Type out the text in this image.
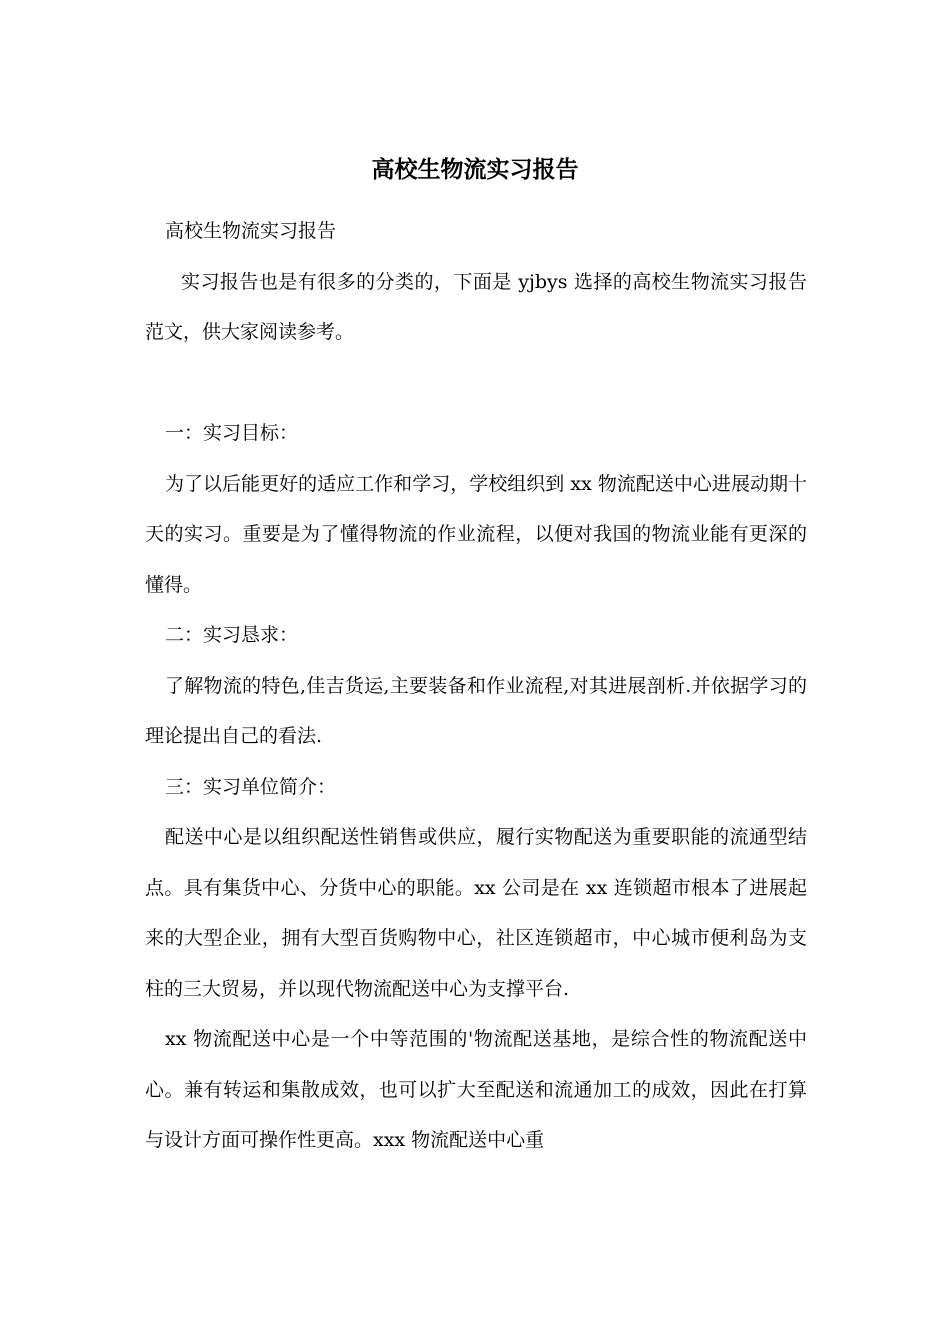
高校生物流实习报告

高校生物流实习报告

实习报告也是有很多的分类的，下面是 yjbys 选择的高校生物流实习报告范文，供大家阅读参考。

一：实习目标：

为了以后能更好的适应工作和学习，学校组织到 xx 物流配送中心进展动期十天的实习。重要是为了懂得物流的作业流程，以便对我国的物流业能有更深的懂得。

二：实习恳求：

了解物流的特色,佳吉货运,主要装备和作业流程,对其进展剖析.并依据学习的理论提出自己的看法.

三：实习单位简介：

配送中心是以组织配送性销售或供应，履行实物配送为重要职能的流通型结点。具有集货中心、分货中心的职能。xx 公司是在 xx 连锁超市根本了进展起来的大型企业，拥有大型百货购物中心，社区连锁超市，中心城市便利岛为支柱的三大贸易，并以现代物流配送中心为支撑平台.

xx 物流配送中心是一个中等范围的'物流配送基地，是综合性的物流配送中心。兼有转运和集散成效，也可以扩大至配送和流通加工的成效，因此在打算与设计方面可操作性更高。xxx 物流配送中心重
